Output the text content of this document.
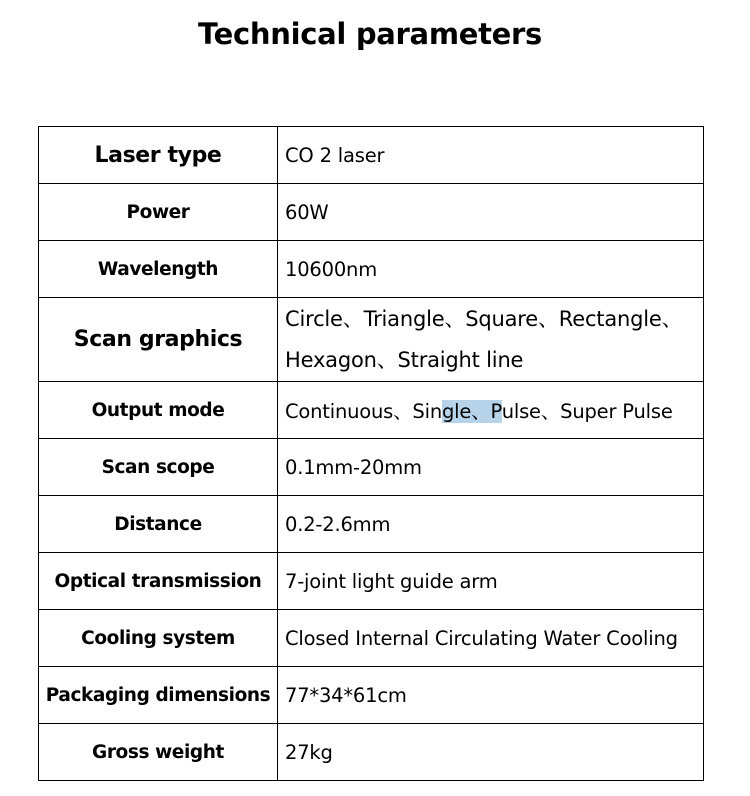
Technical parameters
Laser type	CO 2 laser
Power	60W
Wavelength	10600nm
Scan graphics	Circle、Triangle、Square、Rectangle、
Hexagon、Straight line

Output mode	Continuous、Single、Pulse、Super Pulse
Scan scope	0.1mm-20mm
Distance	0.2-2.6mm
Optical transmission	7-joint light guide arm
Cooling system	Closed Internal Circulating Water Cooling
Packaging dimensions	77*34*61cm
Gross weight	27kg
